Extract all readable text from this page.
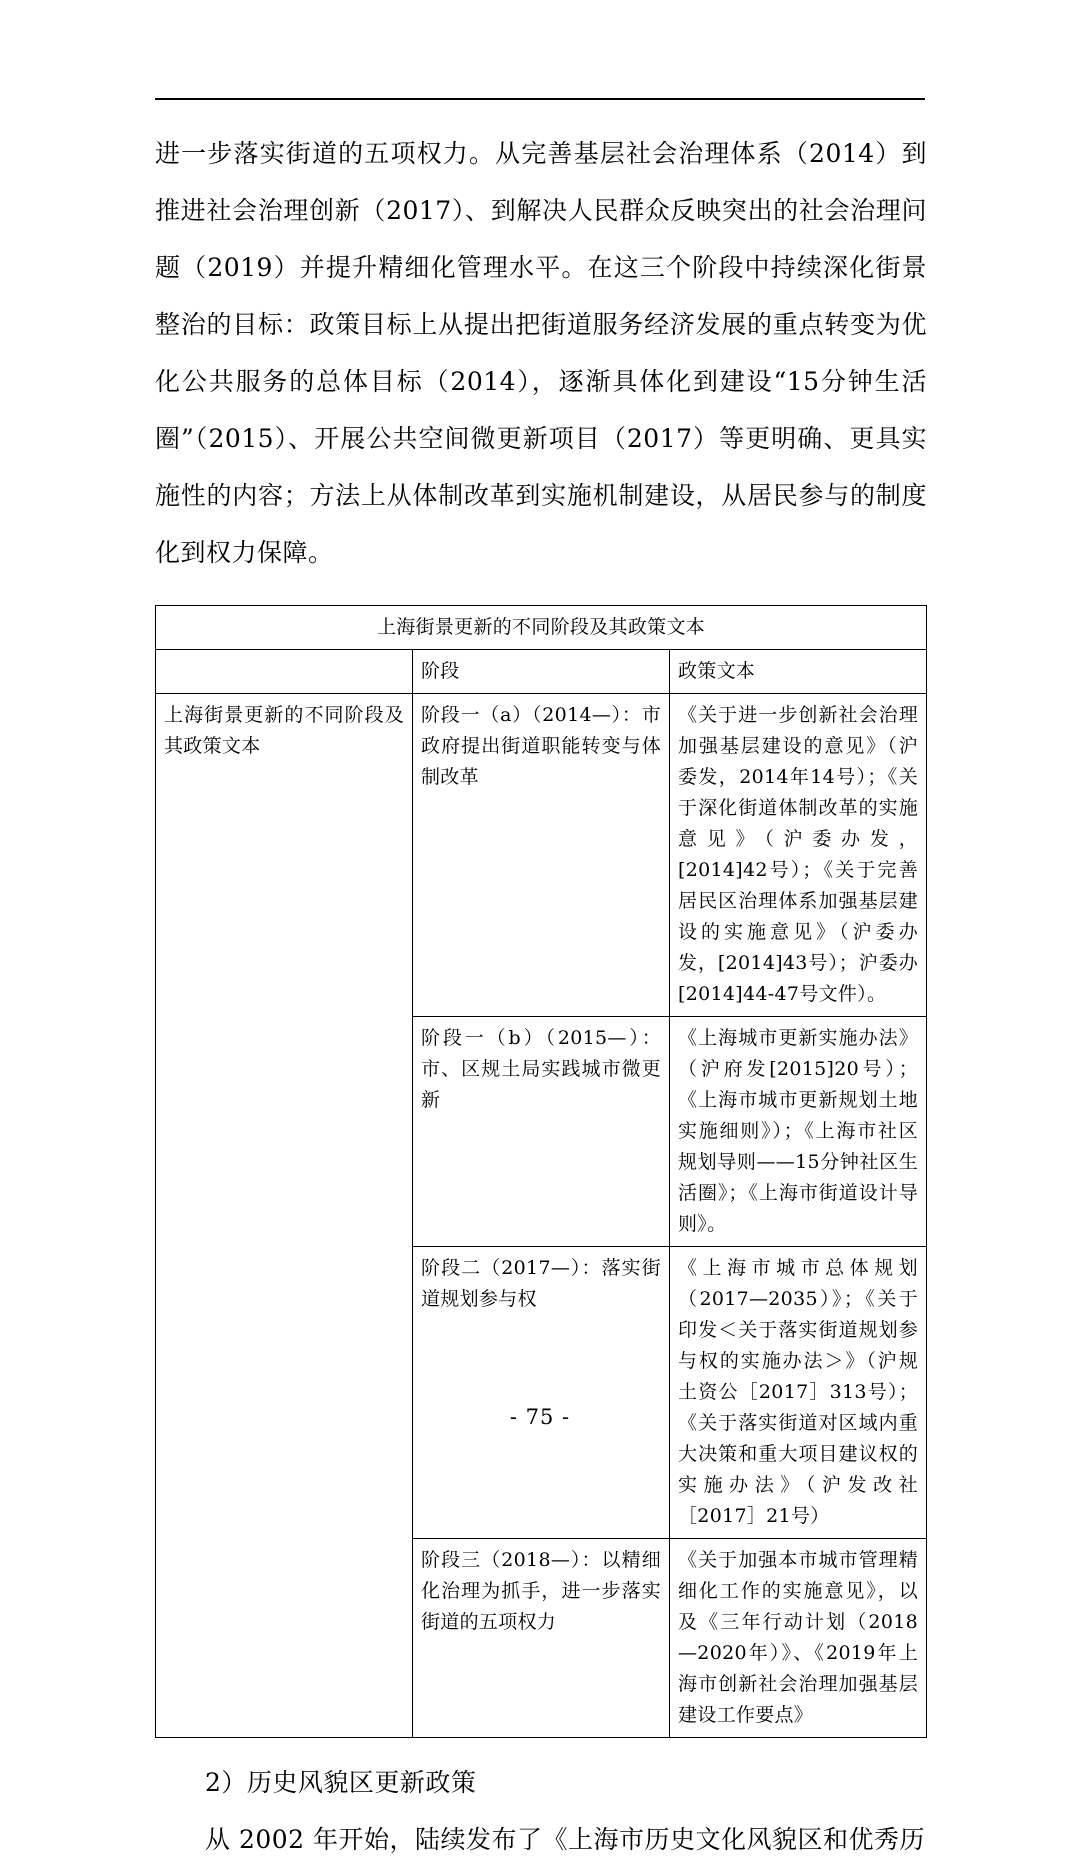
进一步落实街道的五项权力。从完善基层社会治理体系（2014）到推进社会治理创新（2017）、到解决人民群众反映突出的社会治理问题（2019）并提升精细化管理水平。在这三个阶段中持续深化街景整治的目标：政策目标上从提出把街道服务经济发展的重点转变为优化公共服务的总体目标（2014），逐渐具体化到建设“15分钟生活圈”（2015）、开展公共空间微更新项目（2017）等更明确、更具实施性的内容；方法上从体制改革到实施机制建设，从居民参与的制度化到权力保障。

上海街景更新的不同阶段及其政策文本		
	阶段	政策文本
上海街景更新的不同阶段及其政策文本	阶段一（a）（2014—）：市政府提出街道职能转变与体制改革	《关于进一步创新社会治理加强基层建设的意见》（沪委发，2014年14号）；《关于深化街道体制改革的实施意见》（沪委办发，[2014]42号）；《关于完善居民区治理体系加强基层建设的实施意见》（沪委办发，[2014]43号）；沪委办[2014]44-47号文件）。
	阶段一（b）（2015—）：市、区规土局实践城市微更新	《上海城市更新实施办法》（沪府发[2015]20号）；《上海市城市更新规划土地实施细则》）；《上海市社区规划导则——15分钟社区生活圈》；《上海市街道设计导则》。
	阶段二（2017—）：落实街道规划参与权	《上海市城市总体规划（2017—2035）》；《关于印发＜关于落实街道规划参与权的实施办法＞》（沪规土资公［2017］313号）；《关于落实街道对区域内重大决策和重大项目建议权的实施办法》（沪发改社［2017］21号）
	阶段三（2018—）：以精细化治理为抓手，进一步落实街道的五项权力	《关于加强本市城市管理精细化工作的实施意见》，以及《三年行动计划（2018—2020年）》、《2019年上海市创新社会治理加强基层建设工作要点》

2）历史风貌区更新政策

从 2002 年开始，陆续发布了《上海市历史文化风貌区和优秀历

- 75 -
